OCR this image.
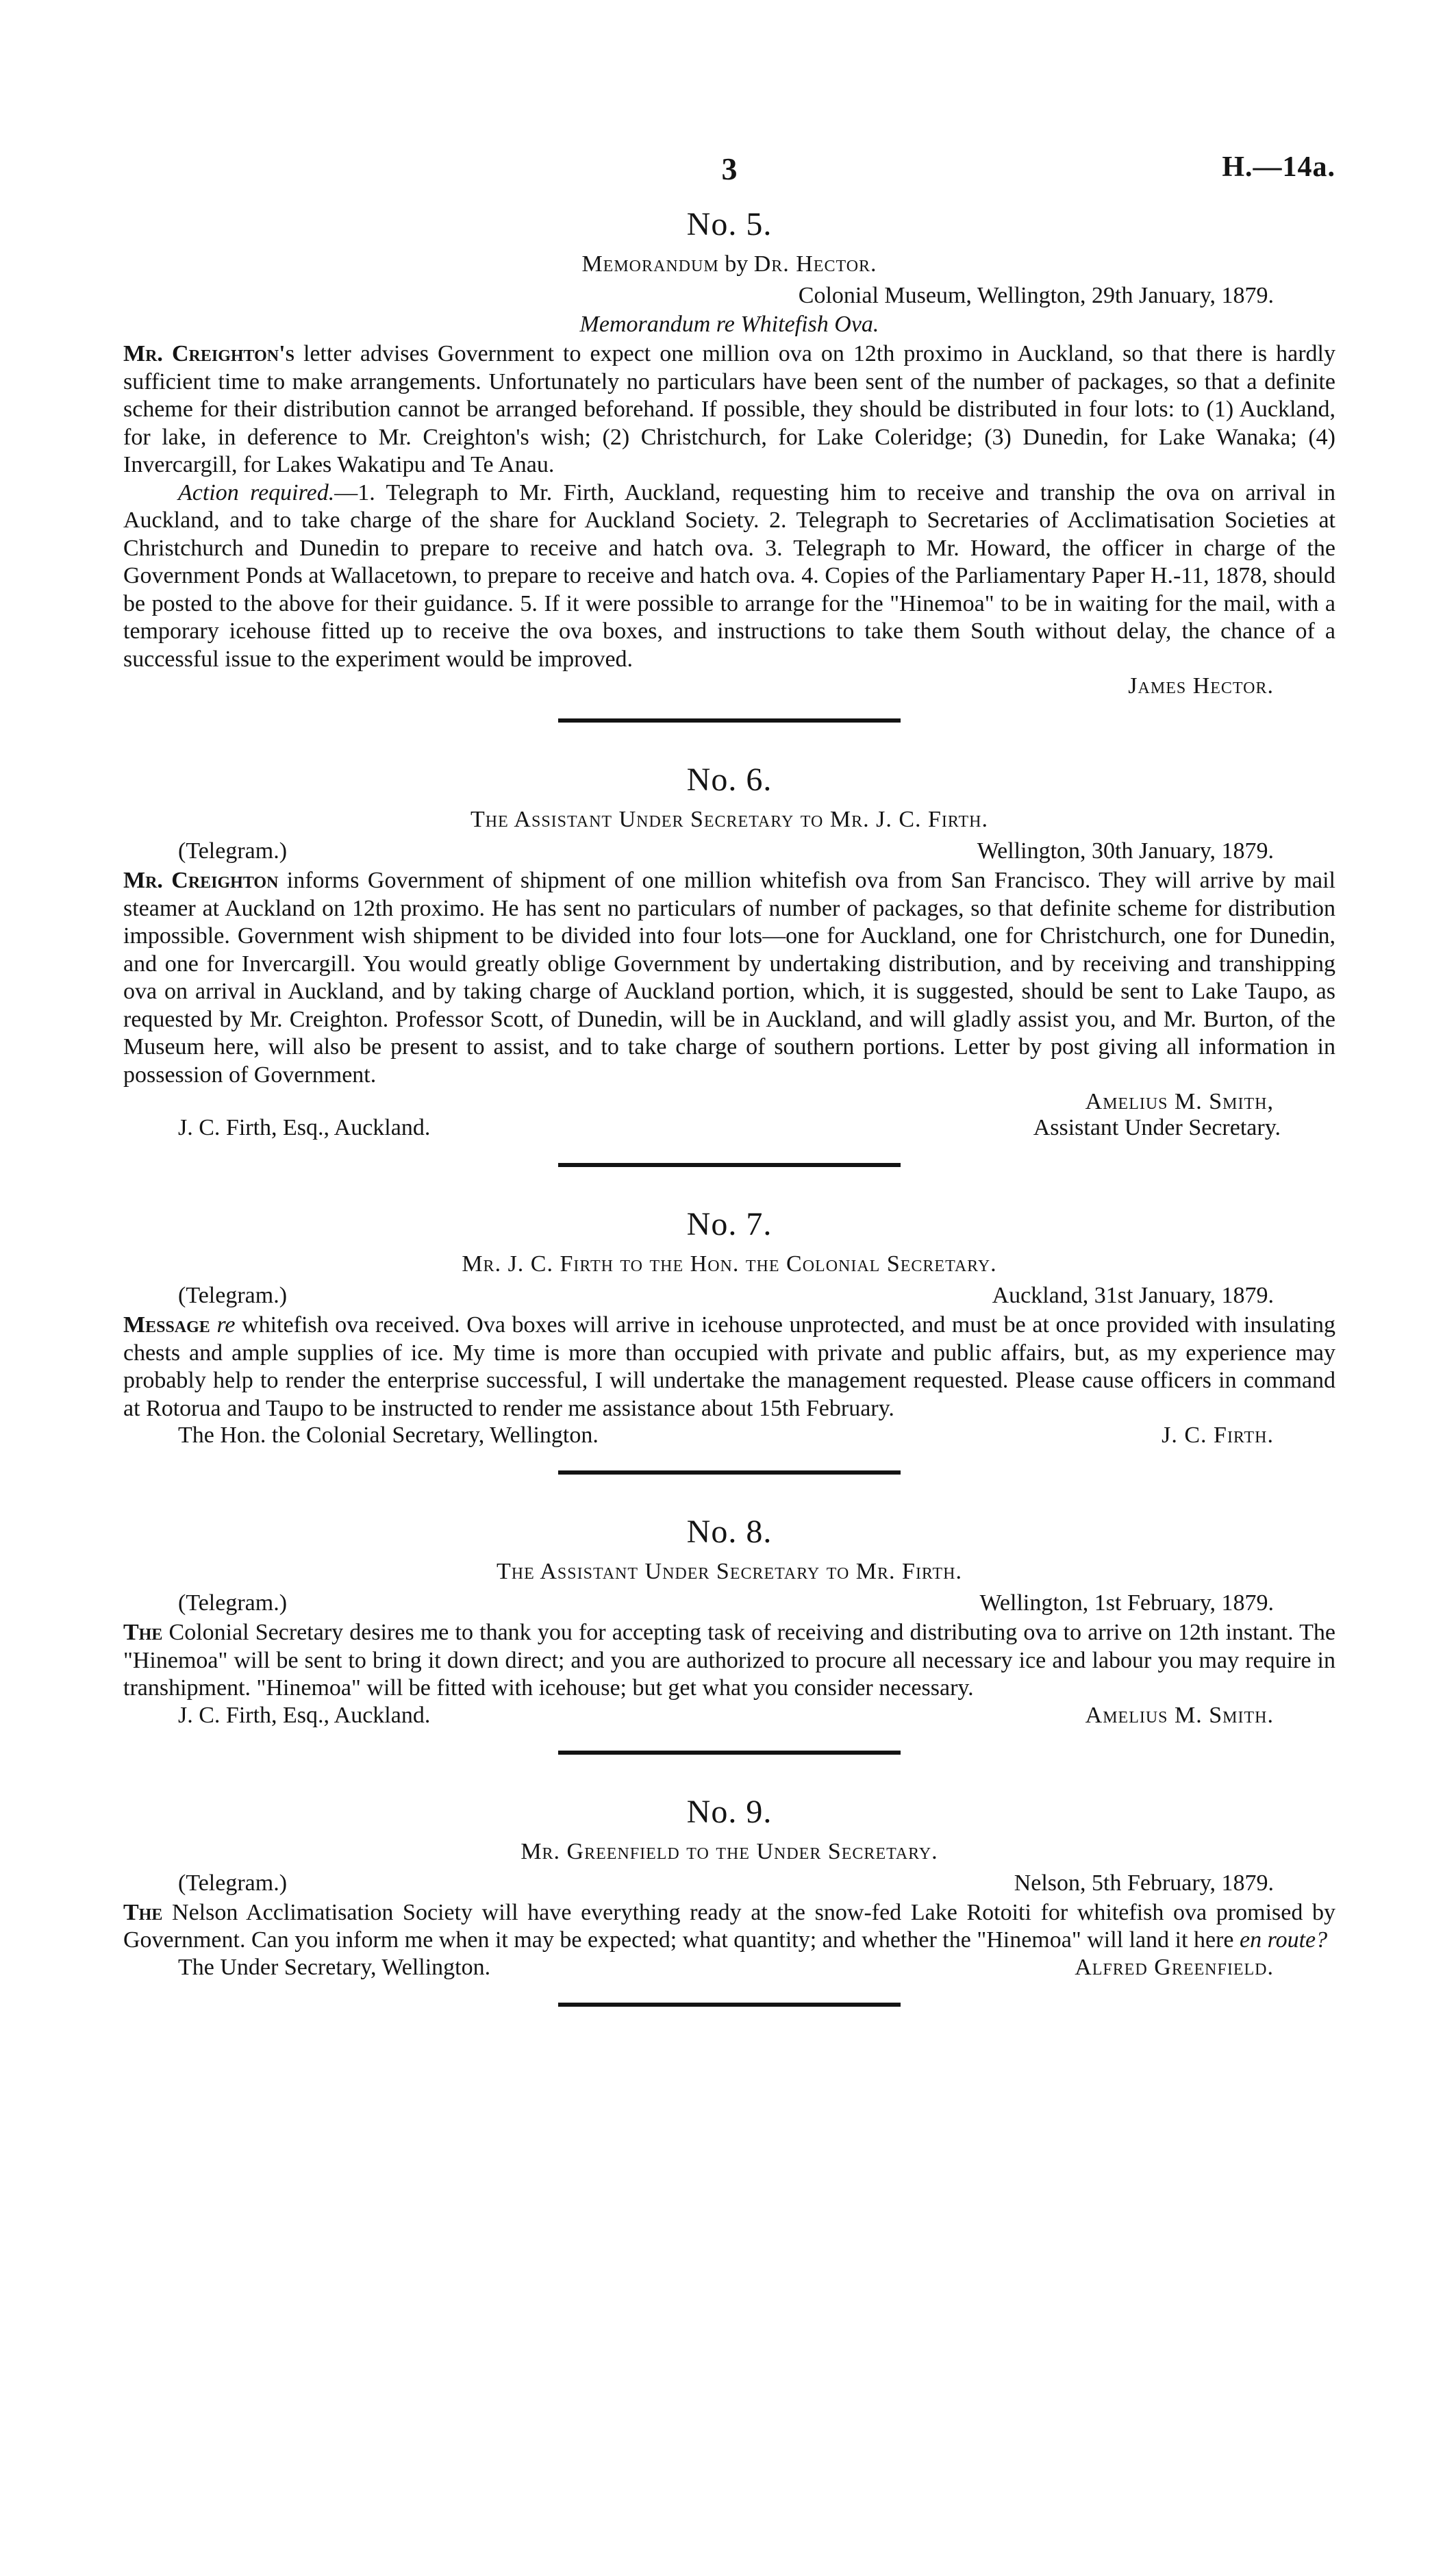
3	H.—14a.
No. 5.
Memorandum by Dr. Hector.
Colonial Museum, Wellington, 29th January, 1879.
Memorandum re Whitefish Ova.

Mr. Creighton's letter advises Government to expect one million ova on 12th proximo in Auckland, so that there is hardly sufficient time to make arrangements. Unfortunately no particulars have been sent of the number of packages, so that a definite scheme for their distribution cannot be arranged beforehand. If possible, they should be distributed in four lots: to (1) Auckland, for lake, in deference to Mr. Creighton's wish; (2) Christchurch, for Lake Coleridge; (3) Dunedin, for Lake Wanaka; (4) Invercargill, for Lakes Wakatipu and Te Anau.

Action required.—1. Telegraph to Mr. Firth, Auckland, requesting him to receive and tranship the ova on arrival in Auckland, and to take charge of the share for Auckland Society. 2. Telegraph to Secretaries of Acclimatisation Societies at Christchurch and Dunedin to prepare to receive and hatch ova. 3. Telegraph to Mr. Howard, the officer in charge of the Government Ponds at Wallacetown, to prepare to receive and hatch ova. 4. Copies of the Parliamentary Paper H.-11, 1878, should be posted to the above for their guidance. 5. If it were possible to arrange for the "Hinemoa" to be in waiting for the mail, with a temporary icehouse fitted up to receive the ova boxes, and instructions to take them South without delay, the chance of a successful issue to the experiment would be improved.

James Hector.
No. 6.
The Assistant Under Secretary to Mr. J. C. Firth.
(Telegram.)	Wellington, 30th January, 1879.

Mr. Creighton informs Government of shipment of one million whitefish ova from San Francisco. They will arrive by mail steamer at Auckland on 12th proximo. He has sent no particulars of number of packages, so that definite scheme for distribution impossible. Government wish shipment to be divided into four lots—one for Auckland, one for Christchurch, one for Dunedin, and one for Invercargill. You would greatly oblige Government by undertaking distribution, and by receiving and transhipping ova on arrival in Auckland, and by taking charge of Auckland portion, which, it is suggested, should be sent to Lake Taupo, as requested by Mr. Creighton. Professor Scott, of Dunedin, will be in Auckland, and will gladly assist you, and Mr. Burton, of the Museum here, will also be present to assist, and to take charge of southern portions. Letter by post giving all information in possession of Government.

Amelius M. Smith,
J. C. Firth, Esq., Auckland.	Assistant Under Secretary.
No. 7.
Mr. J. C. Firth to the Hon. the Colonial Secretary.
(Telegram.)	Auckland, 31st January, 1879.

Message re whitefish ova received. Ova boxes will arrive in icehouse unprotected, and must be at once provided with insulating chests and ample supplies of ice. My time is more than occupied with private and public affairs, but, as my experience may probably help to render the enterprise successful, I will undertake the management requested. Please cause officers in command at Rotorua and Taupo to be instructed to render me assistance about 15th February.

The Hon. the Colonial Secretary, Wellington.	J. C. Firth.
No. 8.
The Assistant Under Secretary to Mr. Firth.
(Telegram.)	Wellington, 1st February, 1879.

The Colonial Secretary desires me to thank you for accepting task of receiving and distributing ova to arrive on 12th instant. The "Hinemoa" will be sent to bring it down direct; and you are authorized to procure all necessary ice and labour you may require in transhipment. "Hinemoa" will be fitted with icehouse; but get what you consider necessary.

J. C. Firth, Esq., Auckland.	Amelius M. Smith.
No. 9.
Mr. Greenfield to the Under Secretary.
(Telegram.)	Nelson, 5th February, 1879.

The Nelson Acclimatisation Society will have everything ready at the snow-fed Lake Rotoiti for whitefish ova promised by Government. Can you inform me when it may be expected; what quantity; and whether the "Hinemoa" will land it here en route?

The Under Secretary, Wellington.	Alfred Greenfield.
